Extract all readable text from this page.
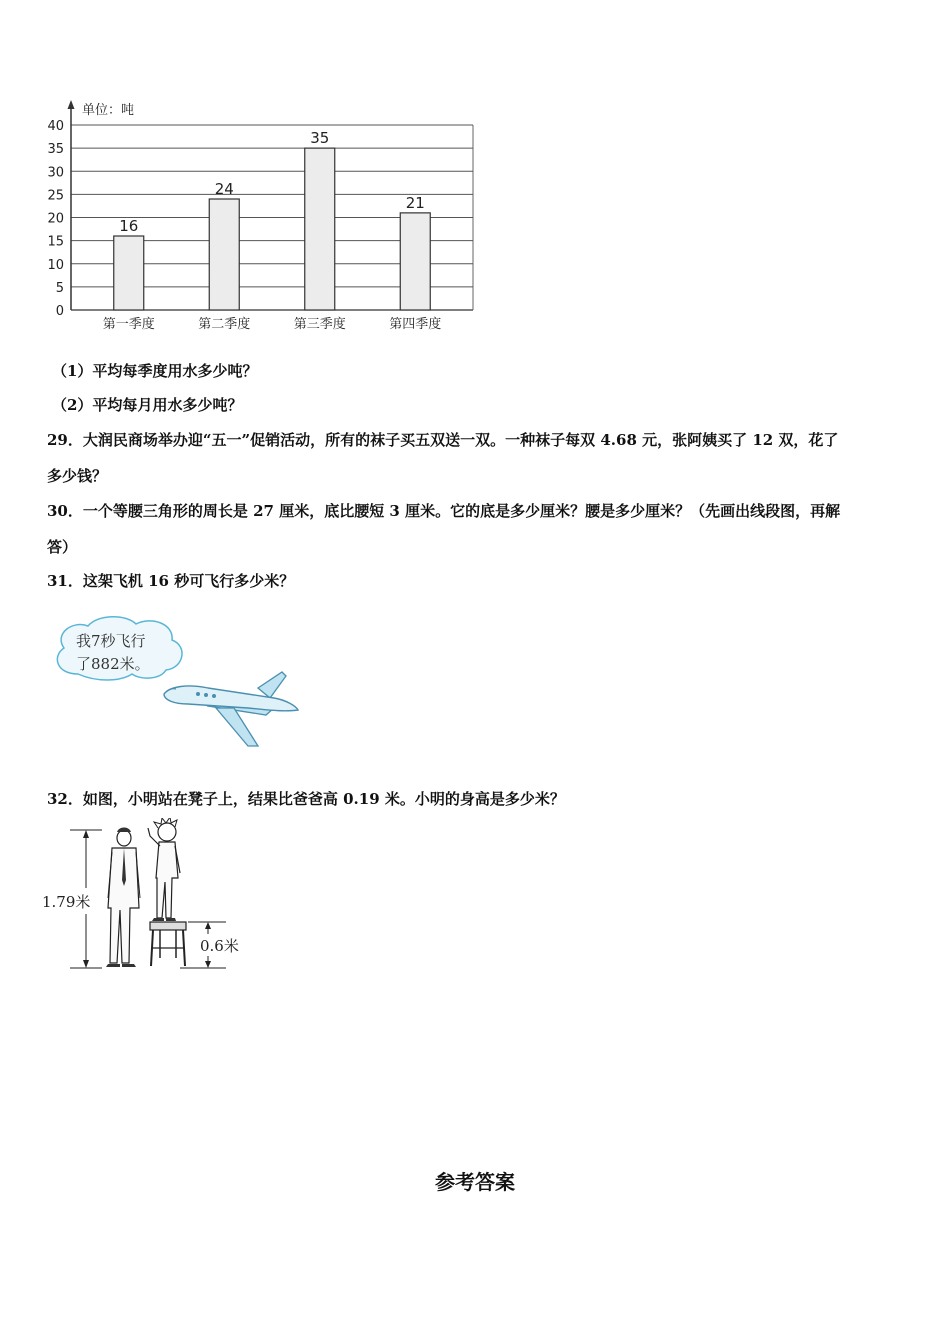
0
5
10
15
20
25
30
35
40
第一季度	第二季度	第三季度	第四季度
16
24
35
21
单位：吨
（1）平均每季度用水多少吨？
（2）平均每月用水多少吨？
29．大润民商场举办迎“五一”促销活动，所有的袜子买五双送一双。一种袜子每双 4.68 元，张阿姨买了 12 双，花了
多少钱？
30．一个等腰三角形的周长是 27 厘米，底比腰短 3 厘米。它的底是多少厘米？腰是多少厘米？（先画出线段图，再解
答）
31．这架飞机 16 秒可飞行多少米？
我7秒飞行
了882米。
32．如图，小明站在凳子上，结果比爸爸高 0.19 米。小明的身高是多少米？
1.79米
0.6米
参考答案
